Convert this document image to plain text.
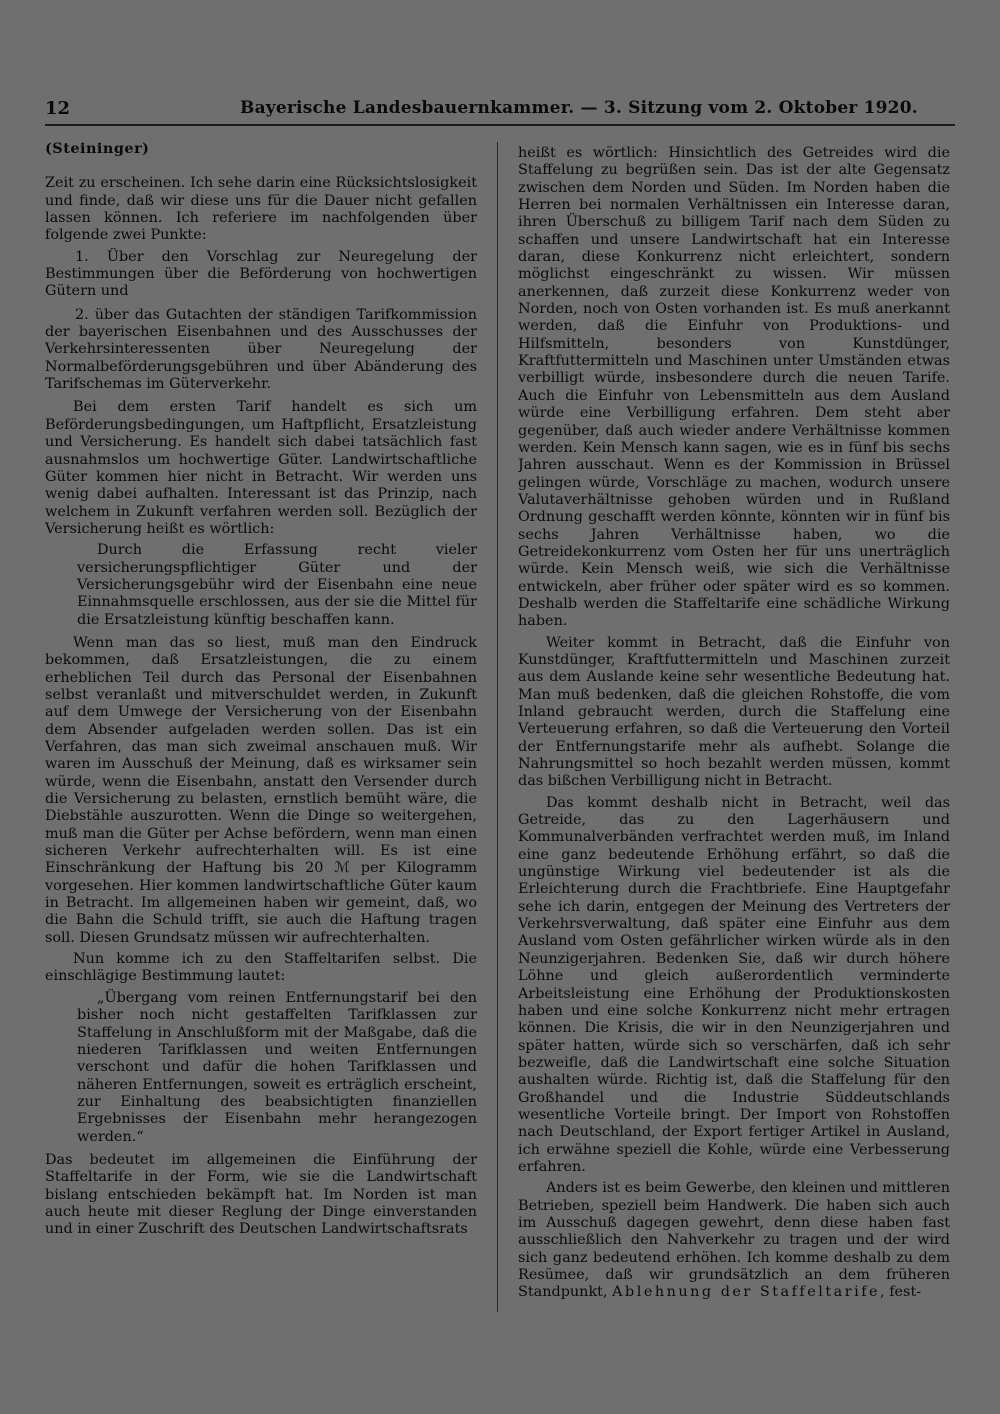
12	Bayerische Landesbauernkammer. — 3. Sitzung vom 2. Oktober 1920.
(Steininger)

Zeit zu erscheinen. Ich sehe darin eine Rücksichtslosigkeit und finde, daß wir diese uns für die Dauer nicht gefallen lassen können. Ich referiere im nachfolgenden über folgende zwei Punkte:

1. Über den Vorschlag zur Neuregelung der Bestimmungen über die Beförderung von hochwertigen Gütern und

2. über das Gutachten der ständigen Tarifkommission der bayerischen Eisenbahnen und des Ausschusses der Verkehrsinteressenten über Neuregelung der Normalbeförderungsgebühren und über Abänderung des Tarifschemas im Güterverkehr.

Bei dem ersten Tarif handelt es sich um Beförderungsbedingungen, um Haftpflicht, Ersatzleistung und Versicherung. Es handelt sich dabei tatsächlich fast ausnahmslos um hochwertige Güter. Landwirtschaftliche Güter kommen hier nicht in Betracht. Wir werden uns wenig dabei aufhalten. Interessant ist das Prinzip, nach welchem in Zukunft verfahren werden soll. Bezüglich der Versicherung heißt es wörtlich:

Durch die Erfassung recht vieler versicherungspflichtiger Güter und der Versicherungsgebühr wird der Eisenbahn eine neue Einnahmsquelle erschlossen, aus der sie die Mittel für die Ersatzleistung künftig beschaffen kann.

Wenn man das so liest, muß man den Eindruck bekommen, daß Ersatzleistungen, die zu einem erheblichen Teil durch das Personal der Eisenbahnen selbst veranlaßt und mitverschuldet werden, in Zukunft auf dem Umwege der Versicherung von der Eisenbahn dem Absender aufgeladen werden sollen. Das ist ein Verfahren, das man sich zweimal anschauen muß. Wir waren im Ausschuß der Meinung, daß es wirksamer sein würde, wenn die Eisenbahn, anstatt den Versender durch die Versicherung zu belasten, ernstlich bemüht wäre, die Diebstähle auszurotten. Wenn die Dinge so weitergehen, muß man die Güter per Achse befördern, wenn man einen sicheren Verkehr aufrechterhalten will. Es ist eine Einschränkung der Haftung bis 20 ℳ per Kilogramm vorgesehen. Hier kommen landwirtschaftliche Güter kaum in Betracht. Im allgemeinen haben wir gemeint, daß, wo die Bahn die Schuld trifft, sie auch die Haftung tragen soll. Diesen Grundsatz müssen wir aufrechterhalten.

Nun komme ich zu den Staffeltarifen selbst. Die einschlägige Bestimmung lautet:

„Übergang vom reinen Entfernungstarif bei den bisher noch nicht gestaffelten Tarifklassen zur Staffelung in Anschlußform mit der Maßgabe, daß die niederen Tarifklassen und weiten Entfernungen verschont und dafür die hohen Tarifklassen und näheren Entfernungen, soweit es erträglich erscheint, zur Einhaltung des beabsichtigten finanziellen Ergebnisses der Eisenbahn mehr herangezogen werden.“

Das bedeutet im allgemeinen die Einführung der Staffeltarife in der Form, wie sie die Landwirtschaft bislang entschieden bekämpft hat. Im Norden ist man auch heute mit dieser Reglung der Dinge einverstanden und in einer Zuschrift des Deutschen Landwirtschaftsrats

heißt es wörtlich: Hinsichtlich des Getreides wird die Staffelung zu begrüßen sein. Das ist der alte Gegensatz zwischen dem Norden und Süden. Im Norden haben die Herren bei normalen Verhältnissen ein Interesse daran, ihren Überschuß zu billigem Tarif nach dem Süden zu schaffen und unsere Landwirtschaft hat ein Interesse daran, diese Konkurrenz nicht erleichtert, sondern möglichst eingeschränkt zu wissen. Wir müssen anerkennen, daß zurzeit diese Konkurrenz weder von Norden, noch von Osten vorhanden ist. Es muß anerkannt werden, daß die Einfuhr von Produktions- und Hilfsmitteln, besonders von Kunstdünger, Kraftfuttermitteln und Maschinen unter Umständen etwas verbilligt würde, insbesondere durch die neuen Tarife. Auch die Einfuhr von Lebensmitteln aus dem Ausland würde eine Verbilligung erfahren. Dem steht aber gegenüber, daß auch wieder andere Verhältnisse kommen werden. Kein Mensch kann sagen, wie es in fünf bis sechs Jahren ausschaut. Wenn es der Kommission in Brüssel gelingen würde, Vorschläge zu machen, wodurch unsere Valutaverhältnisse gehoben würden und in Rußland Ordnung geschafft werden könnte, könnten wir in fünf bis sechs Jahren Verhältnisse haben, wo die Getreidekonkurrenz vom Osten her für uns unerträglich würde. Kein Mensch weiß, wie sich die Verhältnisse entwickeln, aber früher oder später wird es so kommen. Deshalb werden die Staffeltarife eine schädliche Wirkung haben.

Weiter kommt in Betracht, daß die Einfuhr von Kunstdünger, Kraftfuttermitteln und Maschinen zurzeit aus dem Auslande keine sehr wesentliche Bedeutung hat. Man muß bedenken, daß die gleichen Rohstoffe, die vom Inland gebraucht werden, durch die Staffelung eine Verteuerung erfahren, so daß die Verteuerung den Vorteil der Entfernungstarife mehr als aufhebt. Solange die Nahrungsmittel so hoch bezahlt werden müssen, kommt das bißchen Verbilligung nicht in Betracht.

Das kommt deshalb nicht in Betracht, weil das Getreide, das zu den Lagerhäusern und Kommunalverbänden verfrachtet werden muß, im Inland eine ganz bedeutende Erhöhung erfährt, so daß die ungünstige Wirkung viel bedeutender ist als die Erleichterung durch die Frachtbriefe. Eine Hauptgefahr sehe ich darin, entgegen der Meinung des Vertreters der Verkehrsverwaltung, daß später eine Einfuhr aus dem Ausland vom Osten gefährlicher wirken würde als in den Neunzigerjahren. Bedenken Sie, daß wir durch höhere Löhne und gleich außerordentlich verminderte Arbeitsleistung eine Erhöhung der Produktionskosten haben und eine solche Konkurrenz nicht mehr ertragen können. Die Krisis, die wir in den Neunzigerjahren und später hatten, würde sich so verschärfen, daß ich sehr bezweifle, daß die Landwirtschaft eine solche Situation aushalten würde. Richtig ist, daß die Staffelung für den Großhandel und die Industrie Süddeutschlands wesentliche Vorteile bringt. Der Import von Rohstoffen nach Deutschland, der Export fertiger Artikel in Ausland, ich erwähne speziell die Kohle, würde eine Verbesserung erfahren.

Anders ist es beim Gewerbe, den kleinen und mittleren Betrieben, speziell beim Handwerk. Die haben sich auch im Ausschuß dagegen gewehrt, denn diese haben fast ausschließlich den Nahverkehr zu tragen und der wird sich ganz bedeutend erhöhen. Ich komme deshalb zu dem Resümee, daß wir grundsätzlich an dem früheren Standpunkt, Ablehnung der Staffeltarife, fest-
